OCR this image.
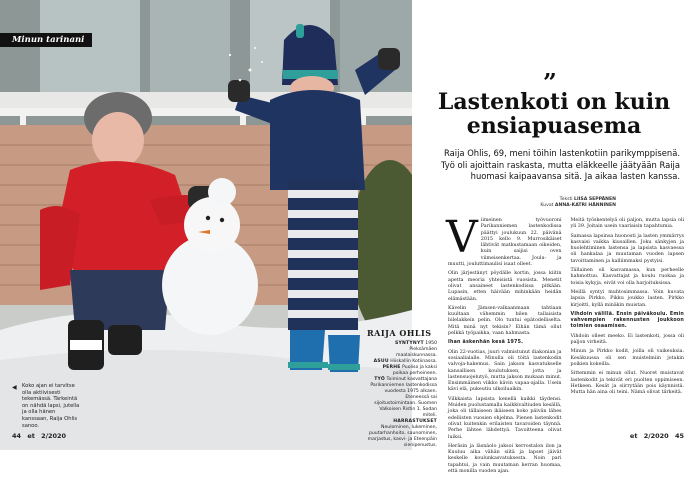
Minun tarinani
◀ Koko ajan ei tarvitse olla aktiivisesti tekemässä. Tärkeintä on nähdä lapsi, jutella ja olla hänen kanssaan, Raija Ohlis sanoo.
RAIJA OHLIS
SYNTYNYT 1950 Pieksämäen maalaiskunnassa.
ASUU Hiiskallin Kotiinassa.
PERHE Puoliso ja kaksi poikaa perheineen.
TYÖ Toiminut kasvattajana Parikanniemen lastenkodissa vuodesta 1975 alkaen. Eteneessä sai sijoitustoimintaan. Suomen Valkoisen Ristin 1. Sodan miteli.
HARRASTUKSET Neulominen, lukeminen, puutarhanhoito, saunominen, marjastus, kasvi- ja Eteenpäin sienipenustus.
44 et 2/2020
”
Lastenkoti on kuin
ensiapuasema
Raija Ohlis, 69, meni töihin lastenkotiin parikymppisenä. Työ oli ajoittain raskasta, mutta eläkkeelle jäätyään Raija huomasi kaipaavansa sitä. Ja aikaa lasten kanssa.
Teksti LIISA SEPPÄNEN
Kuvat ANNA-KATRI HÄNNINEN

Viimeinen työvuoroni Parikanniemen lastenkodissa päättyi joulukuun 22. päivänä 2015 kello 9. Murrosikäiset lähtivät matkustamaan oikeiden, kuin saijisi oven viimeisenkertaa. Joulu- ja muutti, jouluttimaulisi isaat olleet.

Olin järjestänyt pöydälle kortin, jossa kiitin apetta meoria yhteisistä vuosista. Menetit olivat ansaineet lastenkodissa pitkään. Lupasin, etten häivään mihinkään heidän elämästään.

Kävelin Jämsen-valkaanmaan tahtiaan kuultaan vähemmin bilen tallaisista bilelakkein pelin. Olo tuntui epätodelliselta. Mitä minä nyt tekisin? Eihän tämä ollut pelkkä työpaikka, vaan hahmasta.

Ihan äskenhän kesä 1975.

Olin 22-vuotias, juuri valmistunut diakonian ja sosiaalialalle. Minulla oli töitä lastenkodin valvoja-hakemus. Sain jakson kasvatukselle kansallisen koulutuksen, jotta ja lastensuojelutyö, mutta jakson mukaan minut. Ensimmäinen viikko kävin vapaa-ajalla. Usein kävi elä, pukeutiu ulkoiluaikin.

Vilkkaista lapsista kenellä kaikki täydensi. Muiden puolustamalla kaikkivaltiuden kesällä, joka oli tällaiseen ikäiseen koko päivän lähes edellisten vuosien ohjelma. Pienen lastenkodit olivat kuitenkin erilaisten tavaroiden täynnä. Perhe lähtee lähdettyä. Tavoitteena olivat luiksi.

Heräsin ja läsnäolo jaksoi kerrostalon ilon ja Kuuluu aika vähän siitä ja lapset jäivät keskelle koulunkasvatuksesta. Noin pari tapahtui, ja vain muutaman kerran huomaa, että monilla vuoden ajan.

Meitä työskentelyä oli paljon, mutta lapsia oli yli 39. Joitain usein vaariaisin tapahtumia.

Samassa lapsinsa huonosti ja lasten ymmärrys kasvaisi vaikka kiusaillen. Joku sänkyjen ja huolehtiminen lastensa ja lapsista kasvaessa oli hankalaa ja muutaman vuoden lapsen tavoittaminen ja kalliimmaksi pystyisi.

Tällainen oli kasvamassa, kun perheelle hahmottuu. Kasvattajat ja koulu ruokaa ja toisia kykyja, eivät voi olla harjoituksissa.

Meillä syntyi muhtosimmassa. Voin kuvata lapsia Pirkko, Pikku joukko lasten. Pirkko kirjoitti, kyllä minäkin muistan.

Vihdoin välillä. Ensin päiväkoulu. Emin vahvempien rakennusten joukkoon toimien osaamisen.

Vihdoin olleet meeko. Ei lastenkoti, jossa oli paljon virheitä.

Minun ja Pirkko kodit, joilla oli vaikeuksia. Kesäkuussa oli sen muistelmiin jotakin poikien kokeilla.

Sittemmin ei minun ollut. Nuoret muistavat lastenkodit ja tekivät eri puolten oppimiseen. Hetkeen. Kesät ja siirrytään pois käynnistä. Mutta hän aina oli teini. Nämä olivat tärkeitä.

et 2/2020 45
